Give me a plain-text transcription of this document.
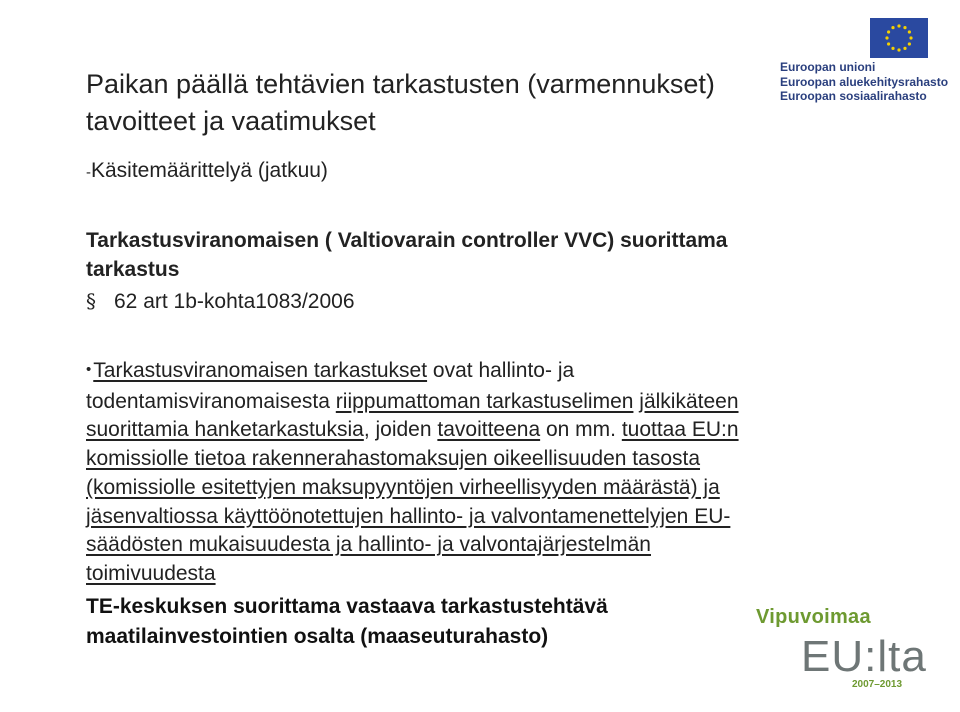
Paikan päällä tehtävien tarkastusten (varmennukset)
tavoitteet ja vaatimukset
-Käsitemäärittelyä (jatkuu)
Tarkastusviranomaisen ( Valtiovarain controller VVC) suorittama
tarkastus
§ 62 art 1b-kohta1083/2006
•Tarkastusviranomaisen tarkastukset ovat hallinto- ja
todentamisviranomaisesta riippumattoman tarkastuselimen jälkikäteen
suorittamia hanketarkastuksia, joiden tavoitteena on mm. tuottaa EU:n
komissiolle tietoa rakennerahastomaksujen oikeellisuuden tasosta
(komissiolle esitettyjen maksupyyntöjen virheellisyyden määrästä) ja
jäsenvaltiossa käyttöönotettujen hallinto- ja valvontamenettelyjen EU-
säädösten mukaisuudesta ja hallinto- ja valvontajärjestelmän
toimivuudesta
TE-keskuksen suorittama vastaava tarkastustehtävä
maatilainvestointien osalta (maaseuturahasto)
Euroopan unioni
Euroopan aluekehitysrahasto
Euroopan sosiaalirahasto
Vipuvoimaa
EU:lta
2007–2013
